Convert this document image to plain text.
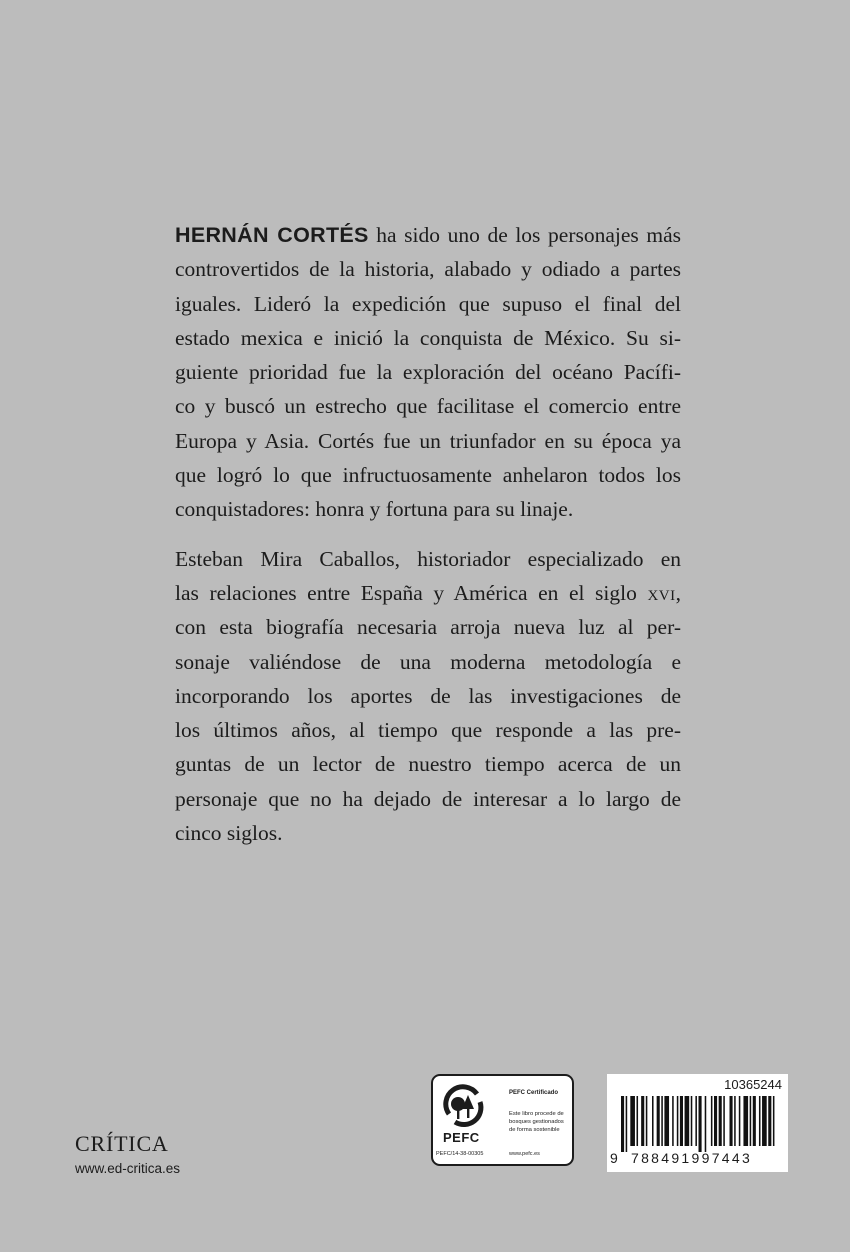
HERNÁN CORTÉS ha sido uno de los personajes más
controvertidos de la historia, alabado y odiado a partes
iguales. Lideró la expedición que supuso el final del
estado mexica e inició la conquista de México. Su si-
guiente prioridad fue la exploración del océano Pacífi-
co y buscó un estrecho que facilitase el comercio entre
Europa y Asia. Cortés fue un triunfador en su época ya
que logró lo que infructuosamente anhelaron todos los
conquistadores: honra y fortuna para su linaje.
Esteban Mira Caballos, historiador especializado en
las relaciones entre España y América en el siglo xvi,
con esta biografía necesaria arroja nueva luz al per-
sonaje valiéndose de una moderna metodología e
incorporando los aportes de las investigaciones de
los últimos años, al tiempo que responde a las pre-
guntas de un lector de nuestro tiempo acerca de un
personaje que no ha dejado de interesar a lo largo de
cinco siglos.
CRÍTICA
www.ed-critica.es
PEFC
PEFC/14-38-00305
PEFC Certificado
Este libro procede de
bosques gestionados
de forma sostenible
www.pefc.es
10365244
9 788491997443
